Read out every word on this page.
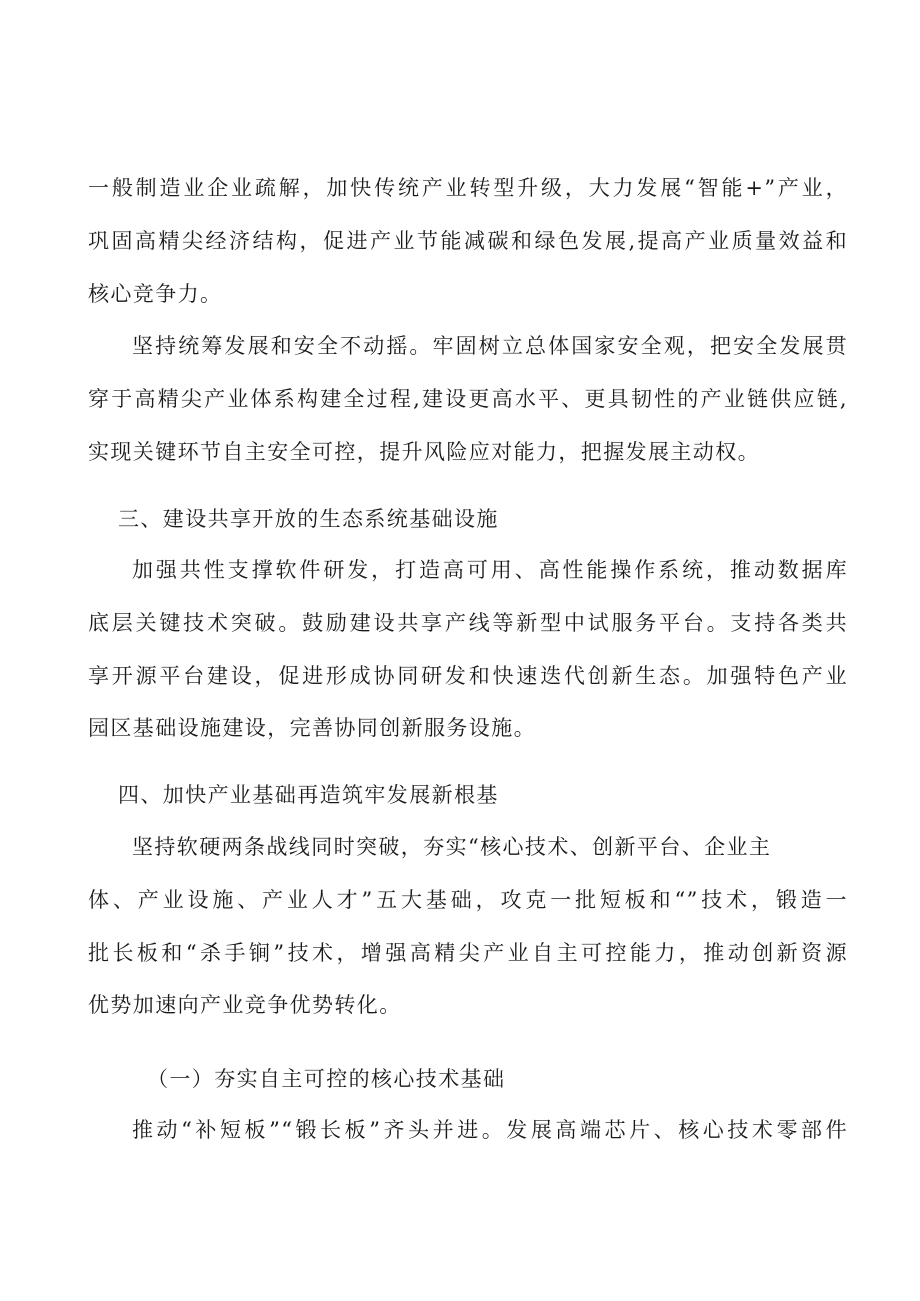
一般制造业企业疏解，加快传统产业转型升级，大力发展“智能+”产业，
巩固高精尖经济结构，促进产业节能减碳和绿色发展,提高产业质量效益和
核心竞争力。
坚持统筹发展和安全不动摇。牢固树立总体国家安全观，把安全发展贯
穿于高精尖产业体系构建全过程,建设更高水平、更具韧性的产业链供应链,
实现关键环节自主安全可控，提升风险应对能力，把握发展主动权。
三、建设共享开放的生态系统基础设施
加强共性支撑软件研发，打造高可用、高性能操作系统，推动数据库
底层关键技术突破。鼓励建设共享产线等新型中试服务平台。支持各类共
享开源平台建设，促进形成协同研发和快速迭代创新生态。加强特色产业
园区基础设施建设，完善协同创新服务设施。
四、加快产业基础再造筑牢发展新根基
坚持软硬两条战线同时突破，夯实“核心技术、创新平台、企业主
体、产业设施、产业人才”五大基础，攻克一批短板和“”技术，锻造一
批长板和“杀手锏”技术，增强高精尖产业自主可控能力，推动创新资源
优势加速向产业竞争优势转化。
（一）夯实自主可控的核心技术基础
推动“补短板”“锻长板”齐头并进。发展高端芯片、核心技术零部件
